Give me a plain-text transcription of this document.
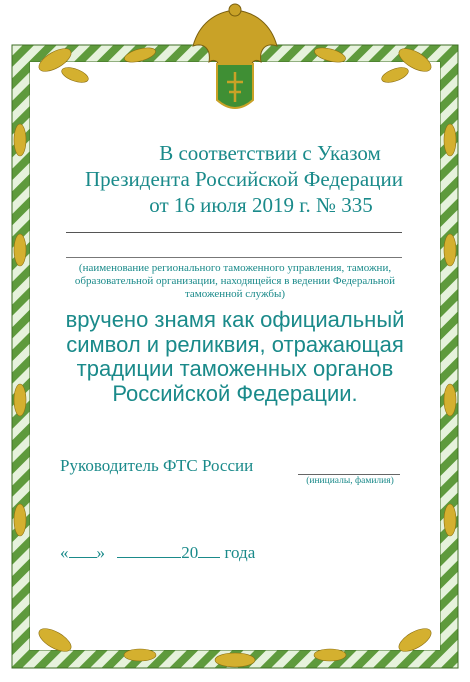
В соответствии с Указом
Президента Российской Федерации
от 16 июля 2019 г. № 335
(наименование регионального таможенного управления, таможни, образовательной организации, находящейся в ведении Федеральной таможенной службы)
вручено знамя как официальный
символ и реликвия, отражающая
традиции таможенных органов
Российской Федерации.
Руководитель ФТС России
(инициалы, фамилия)
« »	20 года
